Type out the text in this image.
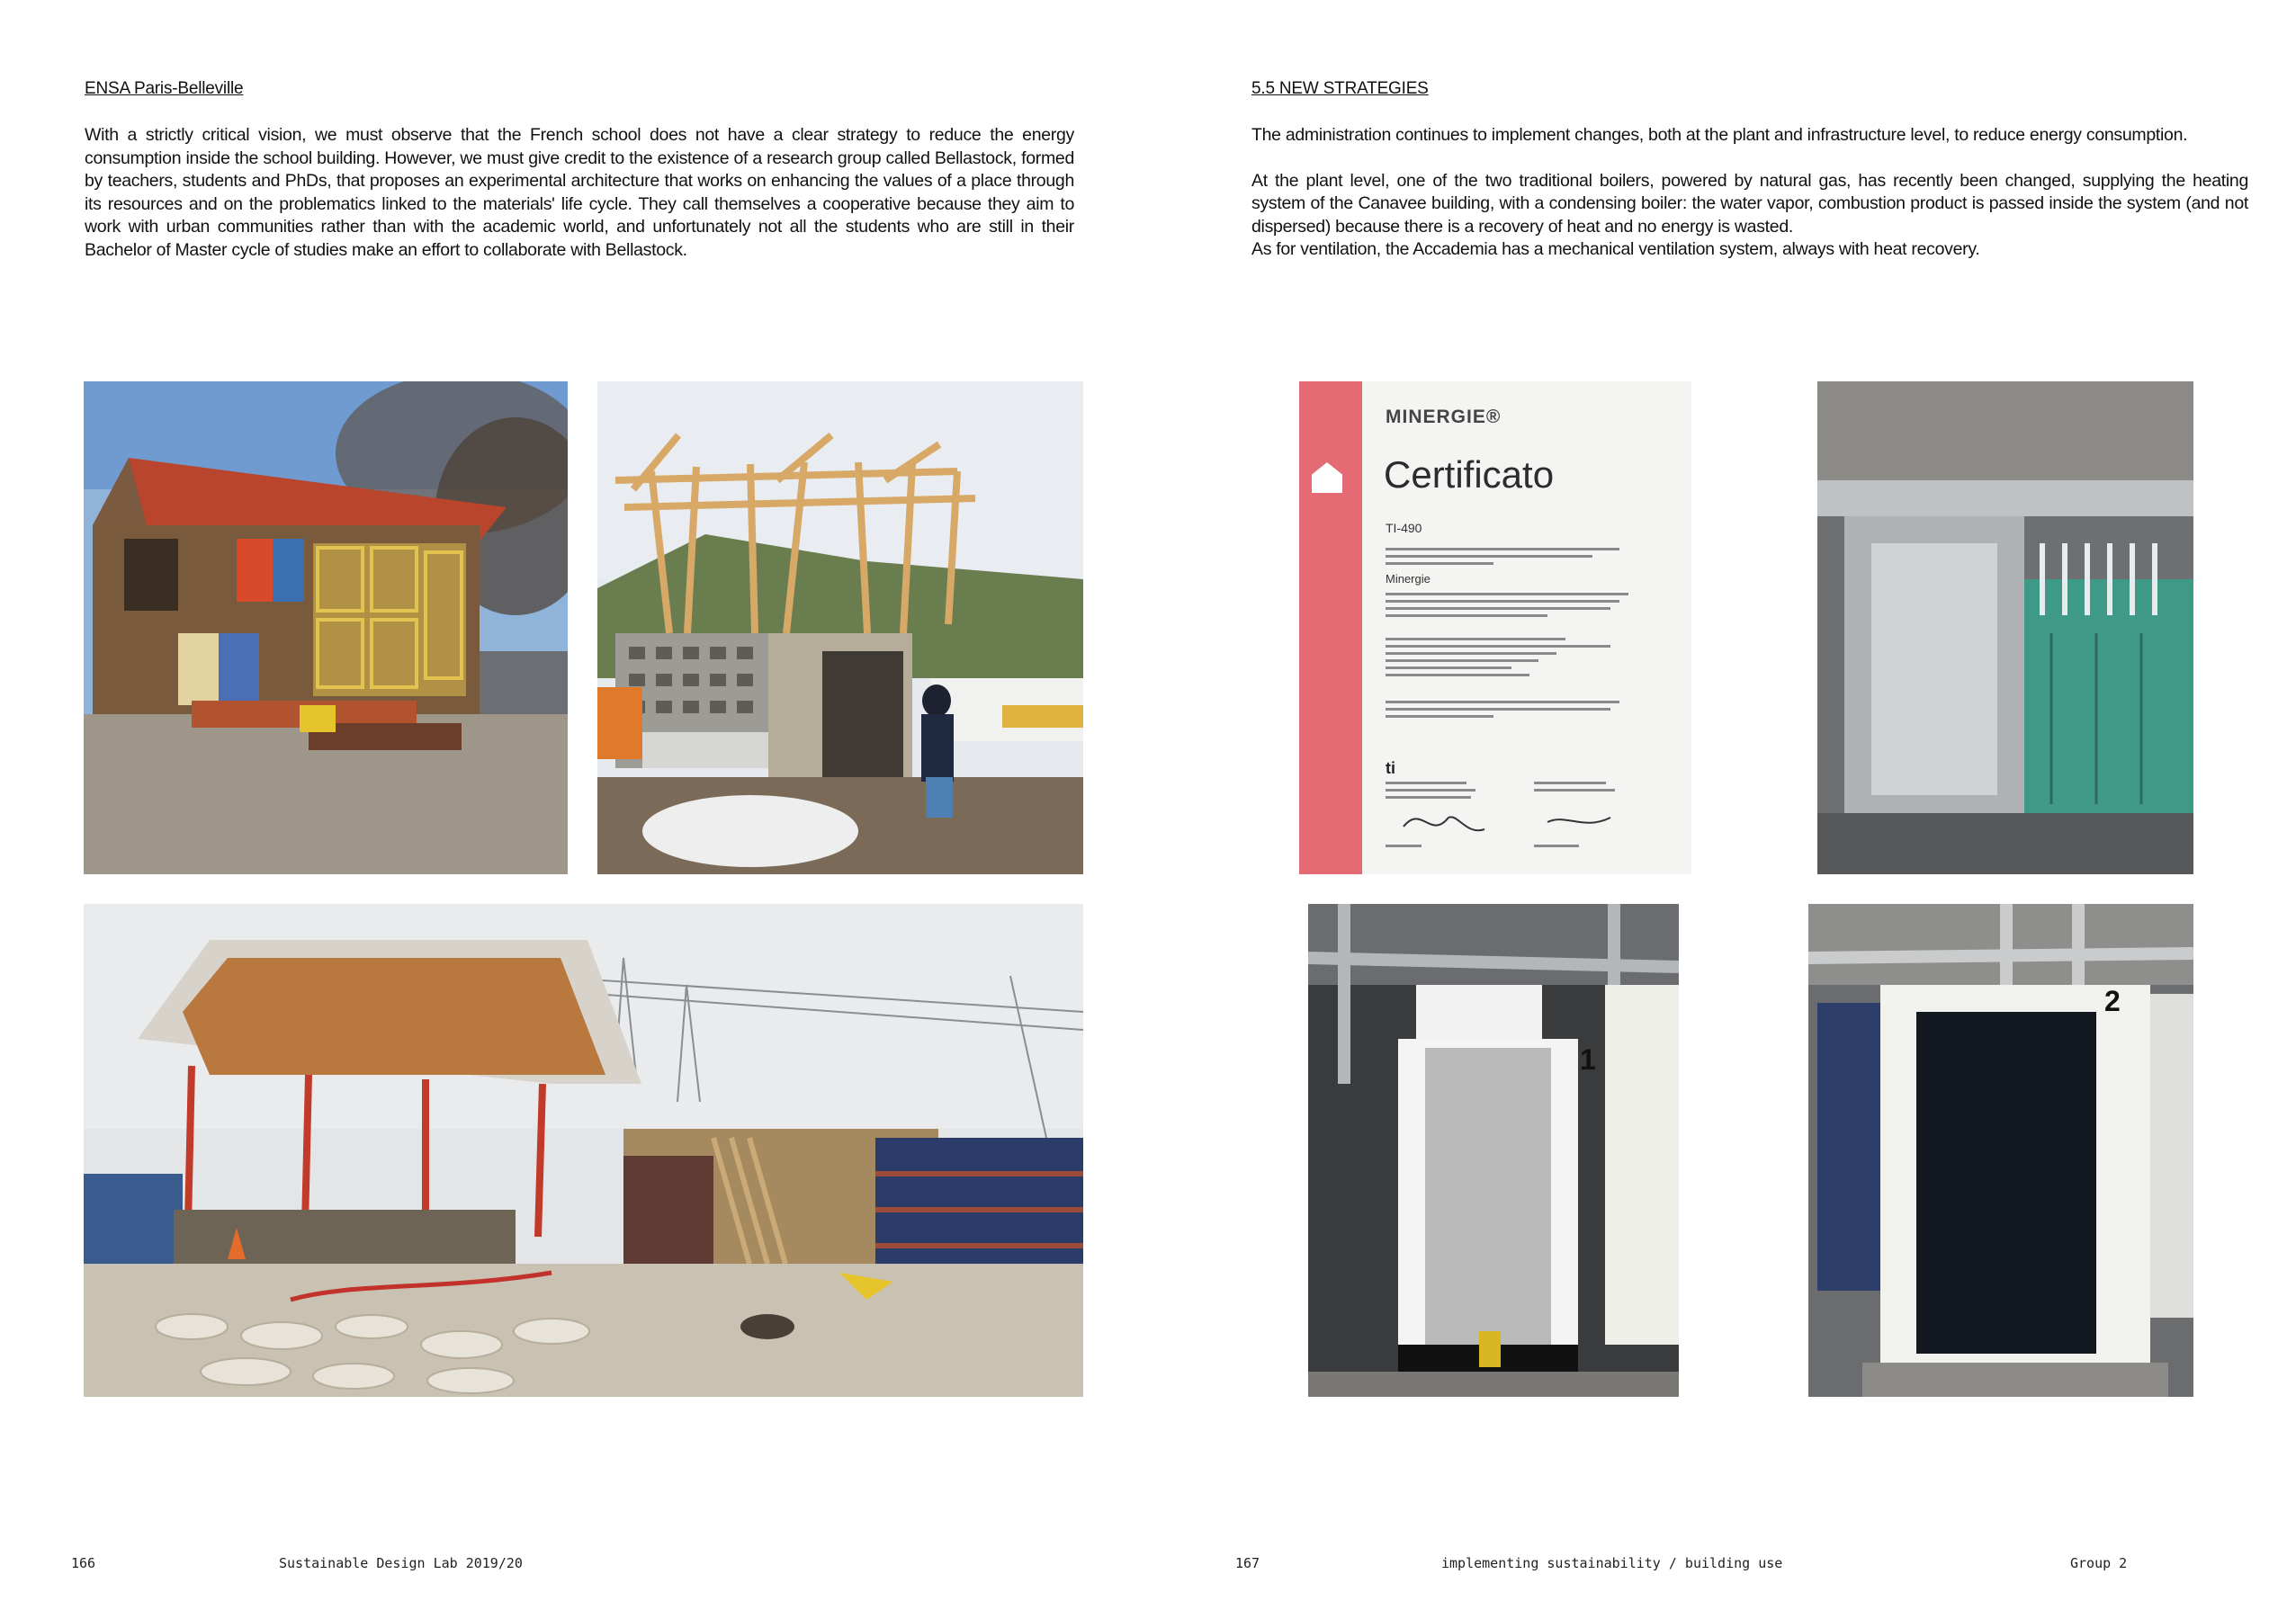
ENSA Paris-Belleville

With a strictly critical vision, we must observe that the French school does not have a clear strategy to reduce the energy consumption inside the school building. However, we must give credit to the existence of a research group called Bellastock, formed by teachers, students and PhDs, that proposes an experimental architecture that works on enhancing the values of a place through its resources and on the problematics linked to the materials' life cycle. They call themselves a cooperative because they aim to work with urban communities rather than with the academic world, and unfortunately not all the students who are still in their Bachelor of Master cycle of studies make an effort to collaborate with Bellastock.

166	Sustainable Design Lab 2019/20
5.5 NEW STRATEGIES

The administration continues to implement changes, both at the plant and infrastructure level, to reduce energy consumption.

At the plant level, one of the two traditional boilers, powered by natural gas, has recently been changed, supplying the heating system of the Canavee building, with a condensing boiler: the water vapor, combustion product is passed inside the system (and not dispersed) because there is a recovery of heat and no energy is wasted.

As for ventilation, the Accademia has a mechanical ventilation system, always with heat recovery.

MINERGIE®
Certificato
TI-490
Minergie
ti
1
2
167	implementing sustainability / building use	Group 2
